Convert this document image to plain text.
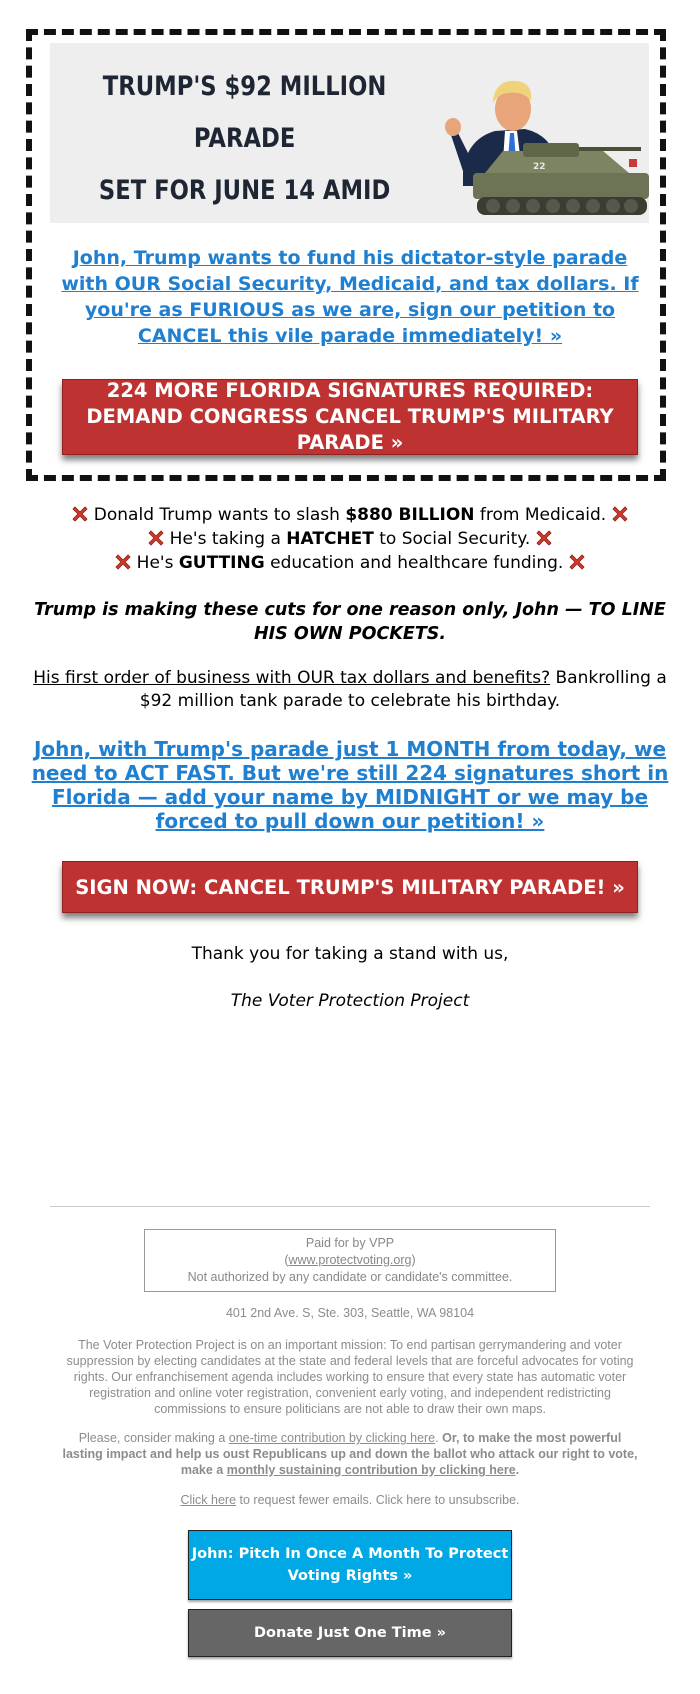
TRUMP'S $92 MILLION PARADE
SET FOR JUNE 14 AMID
22
John, Trump wants to fund his dictator-style parade with OUR Social Security, Medicaid, and tax dollars. If you're as FURIOUS as we are, sign our petition to CANCEL this vile parade immediately! »
224 MORE FLORIDA SIGNATURES REQUIRED: DEMAND CONGRESS CANCEL TRUMP'S MILITARY PARADE »
Donald Trump wants to slash $880 BILLION from Medicaid.
He's taking a HATCHET to Social Security.
He's GUTTING education and healthcare funding.
Trump is making these cuts for one reason only, John — TO LINE HIS OWN POCKETS.
His first order of business with OUR tax dollars and benefits? Bankrolling a $92 million tank parade to celebrate his birthday.
John, with Trump's parade just 1 MONTH from today, we need to ACT FAST. But we're still 224 signatures short in Florida — add your name by MIDNIGHT or we may be forced to pull down our petition! »
SIGN NOW: CANCEL TRUMP'S MILITARY PARADE! »
Thank you for taking a stand with us,
The Voter Protection Project
Paid for by VPP
(www.protectvoting.org)
Not authorized by any candidate or candidate's committee.
401 2nd Ave. S, Ste. 303, Seattle, WA 98104
The Voter Protection Project is on an important mission: To end partisan gerrymandering and voter suppression by electing candidates at the state and federal levels that are forceful advocates for voting rights. Our enfranchisement agenda includes working to ensure that every state has automatic voter registration and online voter registration, convenient early voting, and independent redistricting commissions to ensure politicians are not able to draw their own maps.
Please, consider making a one-time contribution by clicking here. Or, to make the most powerful lasting impact and help us oust Republicans up and down the ballot who attack our right to vote, make a monthly sustaining contribution by clicking here.
Click here to request fewer emails. Click here to unsubscribe.
John: Pitch In Once A Month To Protect Voting Rights »
Donate Just One Time »
